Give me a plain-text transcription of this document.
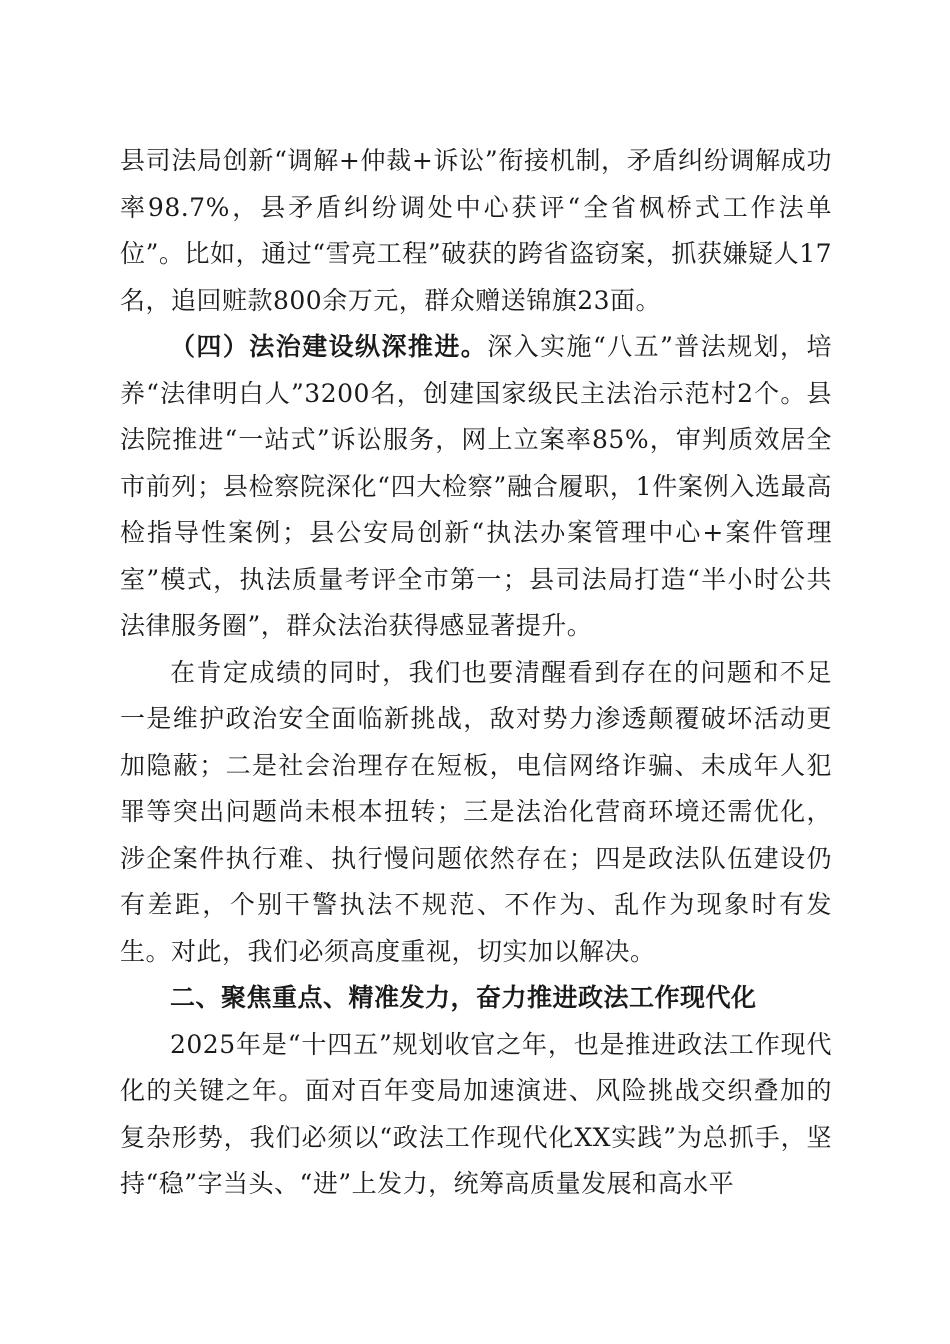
县司法局创新“调解+仲裁+诉讼”衔接机制，矛盾纠纷调解成功率98.7%，县矛盾纠纷调处中心获评“全省枫桥式工作法单位”。比如，通过“雪亮工程”破获的跨省盗窃案，抓获嫌疑人17名，追回赃款800余万元，群众赠送锦旗23面。

（四）法治建设纵深推进。深入实施“八五”普法规划，培养“法律明白人”3200名，创建国家级民主法治示范村2个。县法院推进“一站式”诉讼服务，网上立案率85%，审判质效居全市前列；县检察院深化“四大检察”融合履职，1件案例入选最高检指导性案例；县公安局创新“执法办案管理中心+案件管理室”模式，执法质量考评全市第一；县司法局打造“半小时公共法律服务圈”，群众法治获得感显著提升。

在肯定成绩的同时，我们也要清醒看到存在的问题和不足一是维护政治安全面临新挑战，敌对势力渗透颠覆破坏活动更加隐蔽；二是社会治理存在短板，电信网络诈骗、未成年人犯罪等突出问题尚未根本扭转；三是法治化营商环境还需优化，涉企案件执行难、执行慢问题依然存在；四是政法队伍建设仍有差距，个别干警执法不规范、不作为、乱作为现象时有发生。对此，我们必须高度重视，切实加以解决。

二、聚焦重点、精准发力，奋力推进政法工作现代化

2025年是“十四五”规划收官之年，也是推进政法工作现代化的关键之年。面对百年变局加速演进、风险挑战交织叠加的复杂形势，我们必须以“政法工作现代化XX实践”为总抓手，坚持“稳”字当头、“进”上发力，统筹高质量发展和高水平
